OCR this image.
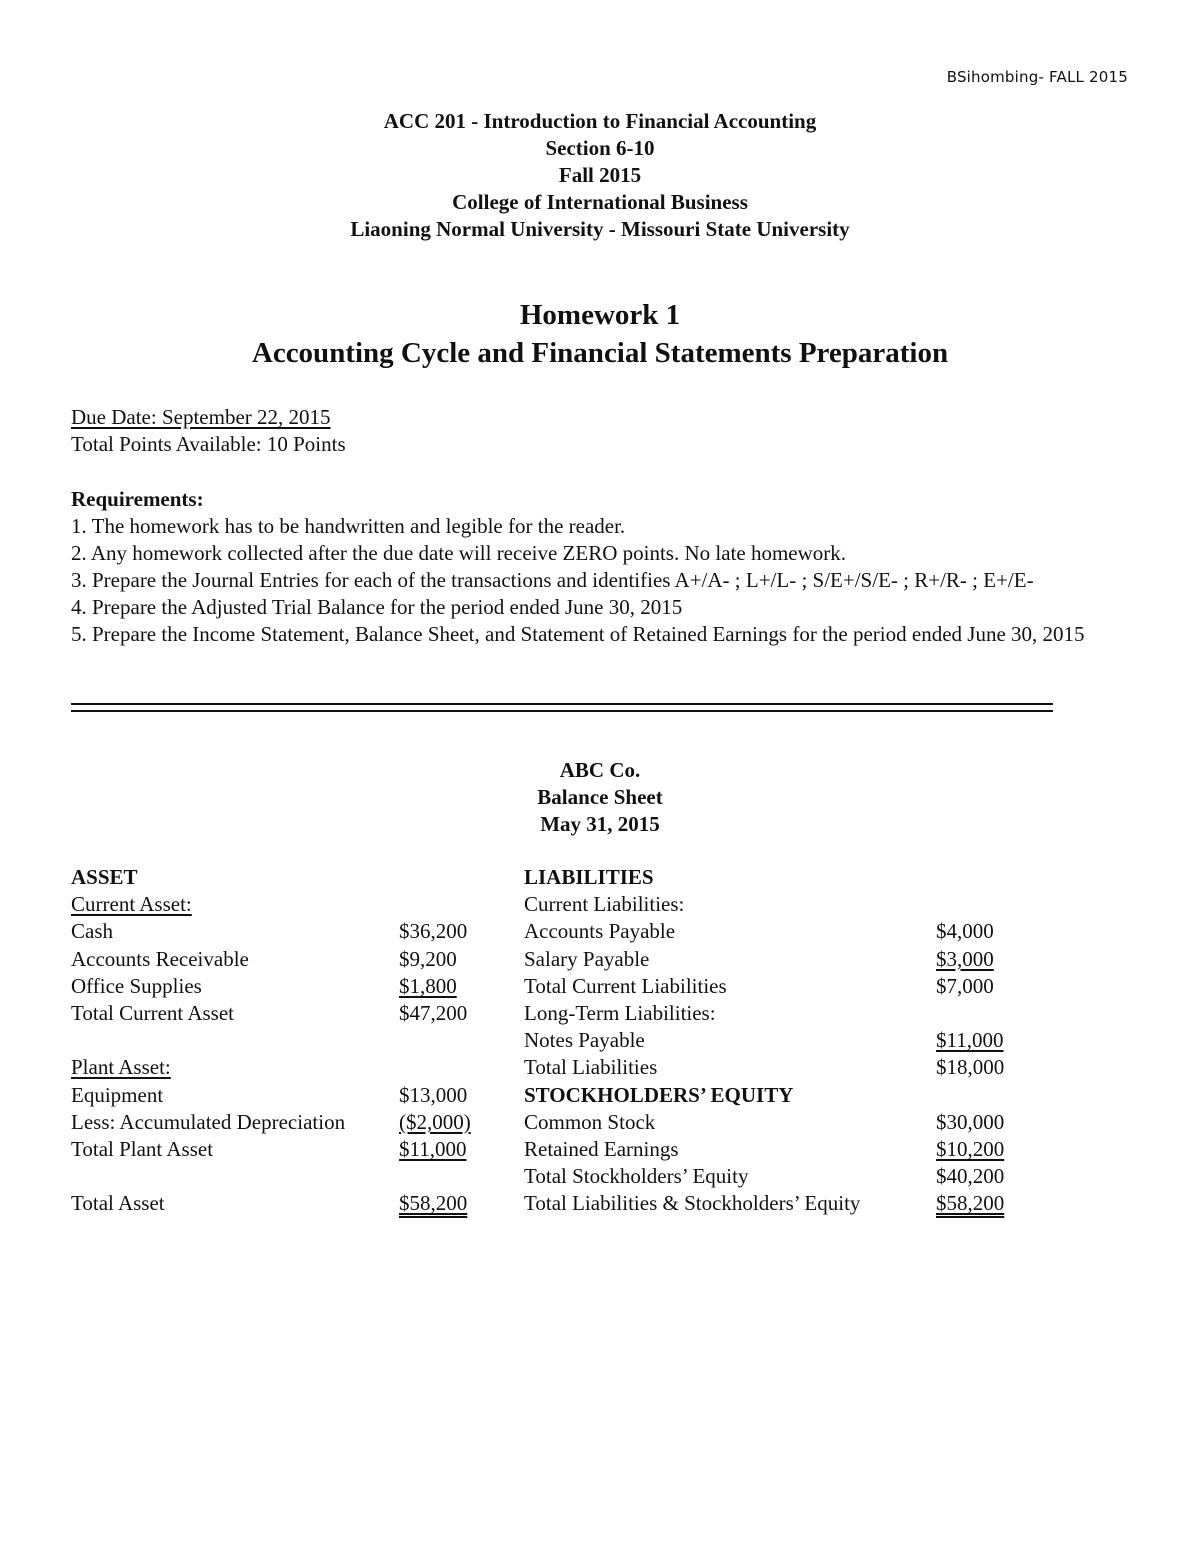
BSihombing- FALL 2015
ACC 201 - Introduction to Financial Accounting
Section 6-10
Fall 2015
College of International Business
Liaoning Normal University - Missouri State University
Homework 1
Accounting Cycle and Financial Statements Preparation
Due Date: September 22, 2015
Total Points Available: 10 Points
Requirements:

1. The homework has to be handwritten and legible for the reader.

2. Any homework collected after the due date will receive ZERO points. No late homework.

3. Prepare the Journal Entries for each of the transactions and identifies A+/A- ; L+/L- ; S/E+/S/E- ; R+/R- ; E+/E-

4. Prepare the Adjusted Trial Balance for the period ended June 30, 2015

5. Prepare the Income Statement, Balance Sheet, and Statement of Retained Earnings for the period ended June 30, 2015

ABC Co.
Balance Sheet
May 31, 2015
ASSET
Current Asset:
Cash	$36,200
Accounts Receivable	$9,200
Office Supplies	$1,800
Total Current Asset	$47,200
Plant Asset:
Equipment	$13,000
Less: Accumulated Depreciation	($2,000)
Total Plant Asset	$11,000
Total Asset	$58,200
LIABILITIES
Current Liabilities:
Accounts Payable	$4,000
Salary Payable	$3,000
Total Current Liabilities	$7,000
Long-Term Liabilities:
Notes Payable	$11,000
Total Liabilities	$18,000
STOCKHOLDERS’ EQUITY
Common Stock	$30,000
Retained Earnings	$10,200
Total Stockholders’ Equity	$40,200
Total Liabilities & Stockholders’ Equity	$58,200
